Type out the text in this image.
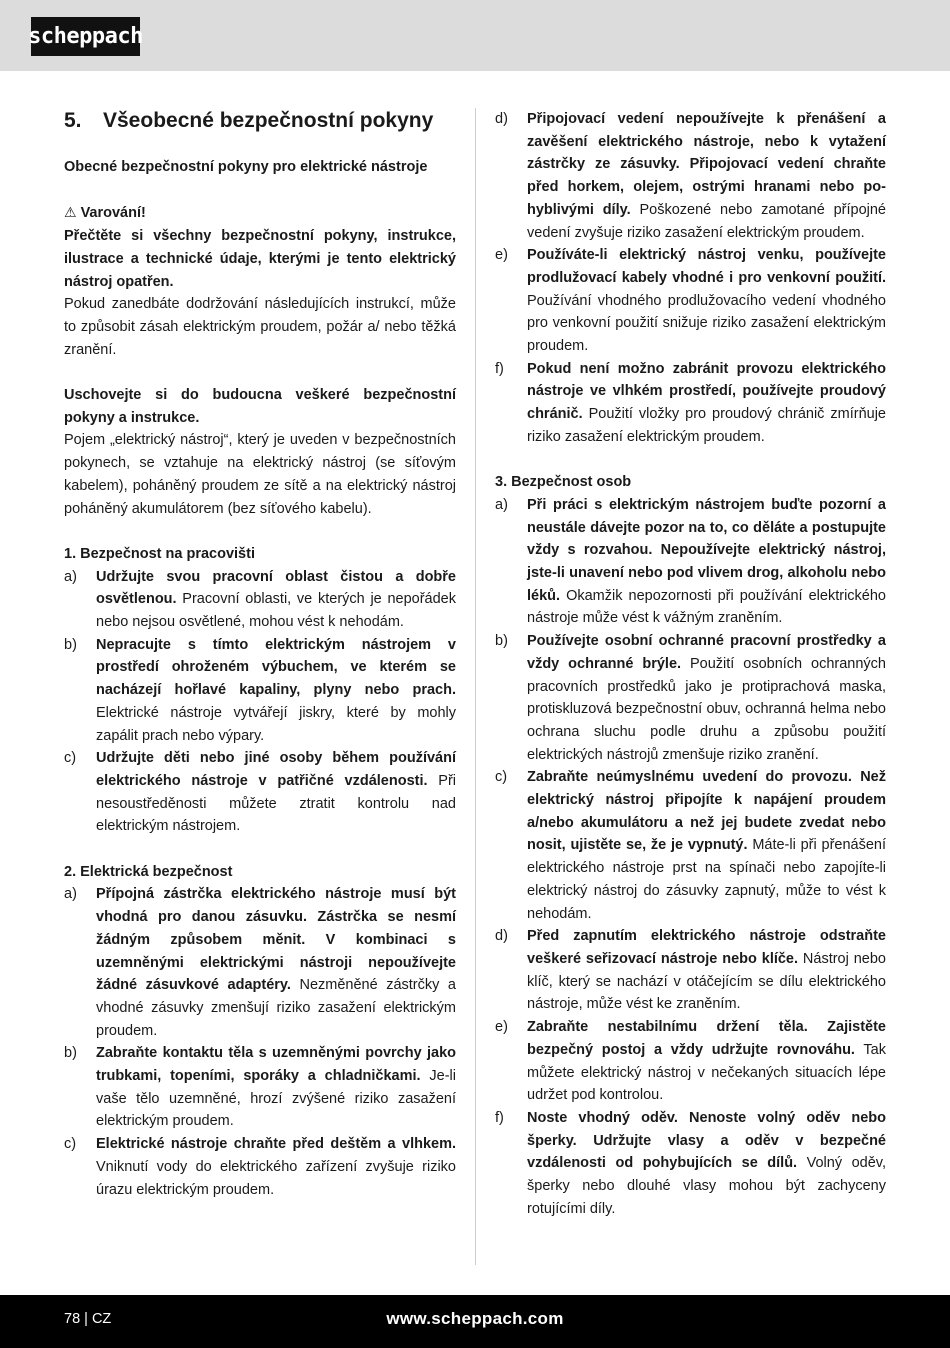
scheppach
5. Všeobecné bezpečnostní pokyny

Obecné bezpečnostní pokyny pro elektrické nástroje

⚠ Varování!

Přečtěte si všechny bezpečnostní pokyny, instrukce, ilustrace a technické údaje, kterými je tento elektrický nástroj opatřen.

Pokud zanedbáte dodržování následujících instrukcí, může to způsobit zásah elektrickým proudem, požár a/ nebo těžká zranění.

Uschovejte si do budoucna veškeré bezpečnostní pokyny a instrukce.

Pojem „elektrický nástroj“, který je uveden v bezpečnostních pokynech, se vztahuje na elektrický nástroj (se síťovým kabelem), poháněný proudem ze sítě a na elektrický nástroj poháněný akumulátorem (bez síťového kabelu).

1. Bezpečnost na pracovišti

a)	Udržujte svou pracovní oblast čistou a dobře osvětlenou. Pracovní oblasti, ve kterých je nepořádek nebo nejsou osvětlené, mohou vést k nehodám.
b)	Nepracujte s tímto elektrickým nástrojem v prostředí ohroženém výbuchem, ve kterém se nacházejí hořlavé kapaliny, plyny nebo prach. Elektrické nástroje vytvářejí jiskry, které by mohly zapálit prach nebo výpary.
c)	Udržujte děti nebo jiné osoby během používání elektrického nástroje v patřičné vzdálenosti. Při nesoustředěnosti můžete ztratit kontrolu nad elektrickým nástrojem.

2. Elektrická bezpečnost

a)	Přípojná zástrčka elektrického nástroje musí být vhodná pro danou zásuvku. Zástrčka se nesmí žádným způsobem měnit. V kombinaci s uzemněnými elektrickými nástroji nepoužívejte žádné zásuvkové adaptéry. Nezměněné zástrčky a vhodné zásuvky zmenšují riziko zasažení elektrickým proudem.
b)	Zabraňte kontaktu těla s uzemněnými povrchy jako trubkami, topeními, sporáky a chladničkami. Je-li vaše tělo uzemněné, hrozí zvýšené riziko zasažení elektrickým proudem.
c)	Elektrické nástroje chraňte před deštěm a vlhkem. Vniknutí vody do elektrického zařízení zvyšuje riziko úrazu elektrickým proudem.
d)	Připojovací vedení nepoužívejte k přenášení a zavěšení elektrického nástroje, nebo k vytažení zástrčky ze zásuvky. Připojovací vedení chraňte před horkem, olejem, ostrými hranami nebo pohyblivými díly. Poškozené nebo zamotané přípojné vedení zvyšuje riziko zasažení elektrickým proudem.
e)	Používáte-li elektrický nástroj venku, používejte prodlužovací kabely vhodné i pro venkovní použití. Používání vhodného prodlužovacího vedení vhodného pro venkovní použití snižuje riziko zasažení elektrickým proudem.
f)	Pokud není možno zabránit provozu elektrického nástroje ve vlhkém prostředí, používejte proudový chránič. Použití vložky pro proudový chránič zmírňuje riziko zasažení elektrickým proudem.

3. Bezpečnost osob

a)	Při práci s elektrickým nástrojem buďte pozorní a neustále dávejte pozor na to, co děláte a postupujte vždy s rozvahou. Nepoužívejte elektrický nástroj, jste-li unavení nebo pod vlivem drog, alkoholu nebo léků. Okamžik nepozornosti při používání elektrického nástroje může vést k vážným zraněním.
b)	Používejte osobní ochranné pracovní prostředky a vždy ochranné brýle. Použití osobních ochranných pracovních prostředků jako je protiprachová maska, protiskluzová bezpečnostní obuv, ochranná helma nebo ochrana sluchu podle druhu a způsobu použití elektrických nástrojů zmenšuje riziko zranění.
c)	Zabraňte neúmyslnému uvedení do provozu. Než elektrický nástroj připojíte k napájení proudem a/nebo akumulátoru a než jej budete zvedat nebo nosit, ujistěte se, že je vypnutý. Máte-li při přenášení elektrického nástroje prst na spínači nebo zapojíte-li elektrický nástroj do zásuvky zapnutý, může to vést k nehodám.
d)	Před zapnutím elektrického nástroje odstraňte veškeré seřizovací nástroje nebo klíče. Nástroj nebo klíč, který se nachází v otáčejícím se dílu elektrického nástroje, může vést ke zraněním.
e)	Zabraňte nestabilnímu držení těla. Zajistěte bezpečný postoj a vždy udržujte rovnováhu. Tak můžete elektrický nástroj v nečekaných situacích lépe udržet pod kontrolou.
f)	Noste vhodný oděv. Nenoste volný oděv nebo šperky. Udržujte vlasy a oděv v bezpečné vzdálenosti od pohybujících se dílů. Volný oděv, šperky nebo dlouhé vlasy mohou být zachyceny rotujícími díly.
78 | CZ	www.scheppach.com
